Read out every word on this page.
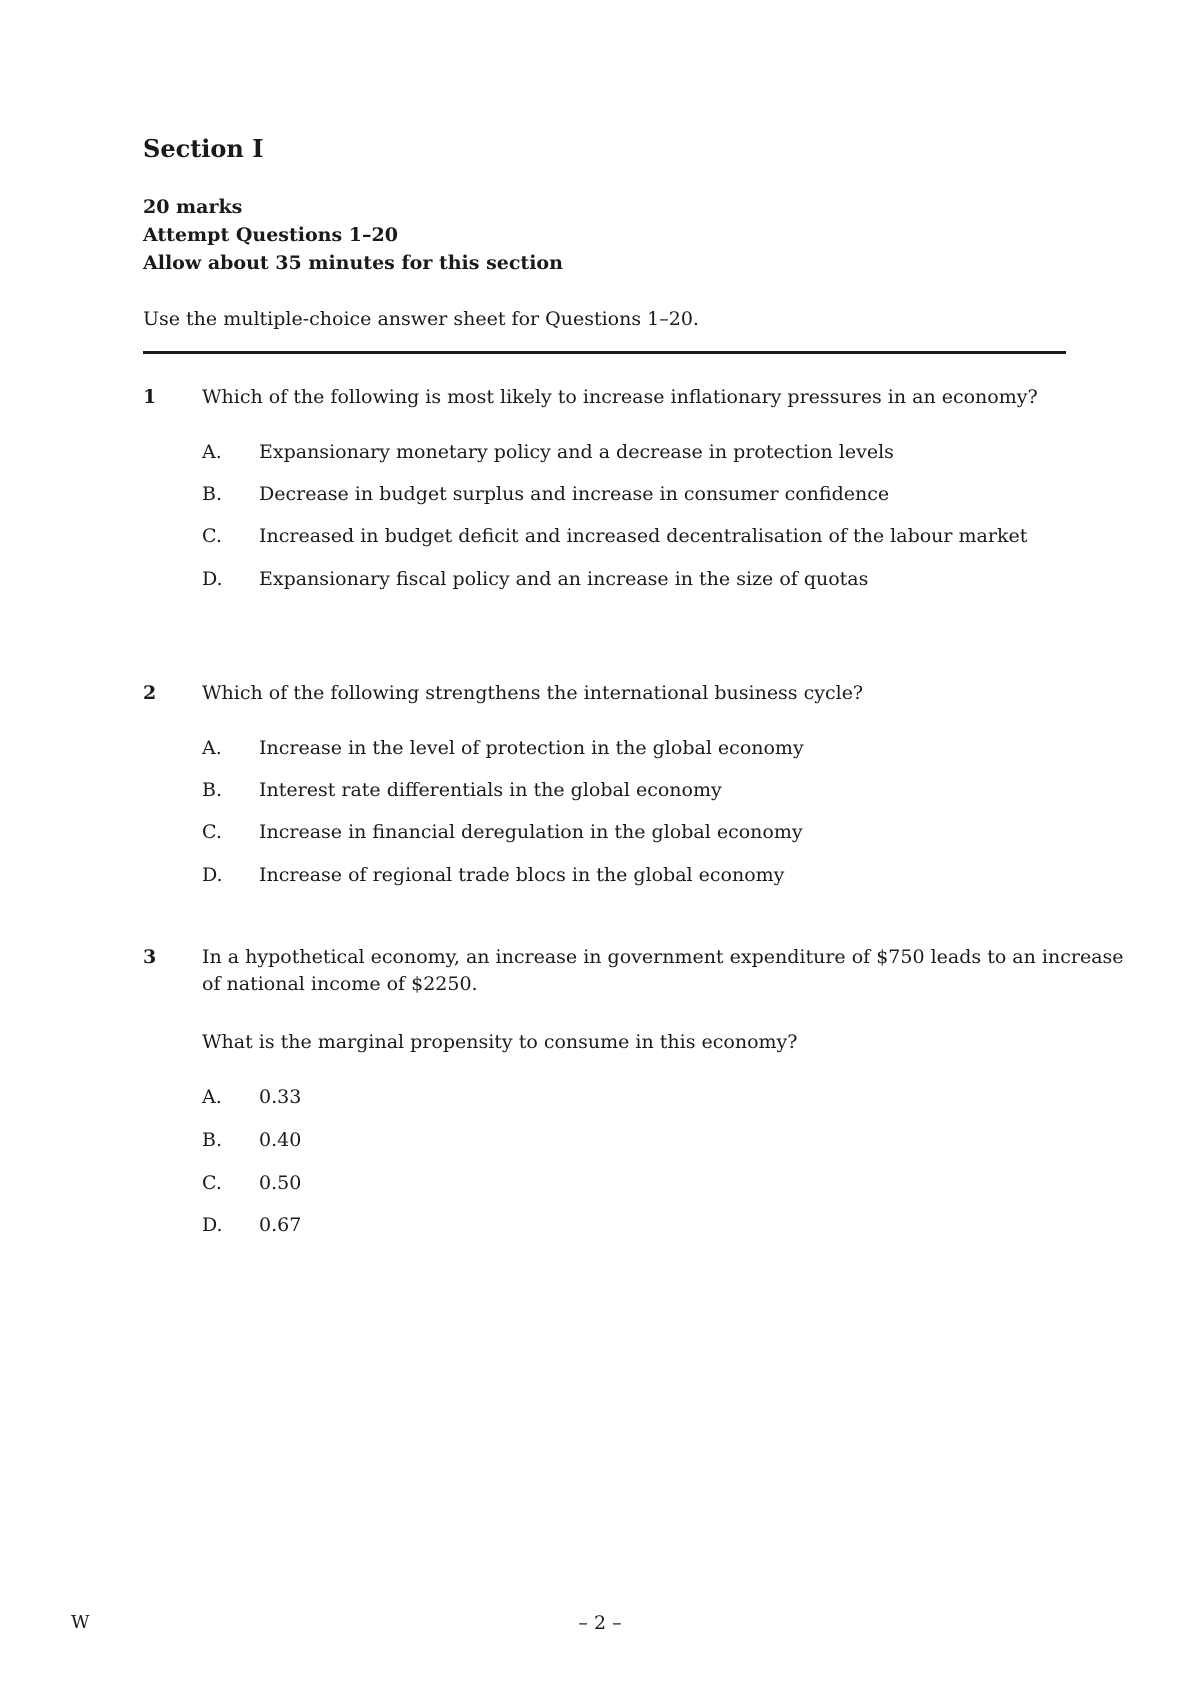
Section I

20 marks

Attempt Questions 1–20

Allow about 35 minutes for this section

Use the multiple-choice answer sheet for Questions 1–20.

1 Which of the following is most likely to increase inflationary pressures in an economy?

A. Expansionary monetary policy and a decrease in protection levels

B. Decrease in budget surplus and increase in consumer confidence

C. Increased in budget deficit and increased decentralisation of the labour market

D. Expansionary fiscal policy and an increase in the size of quotas

2 Which of the following strengthens the international business cycle?

A. Increase in the level of protection in the global economy

B. Interest rate differentials in the global economy

C. Increase in financial deregulation in the global economy

D. Increase of regional trade blocs in the global economy

3 In a hypothetical economy, an increase in government expenditure of $750 leads to an increase of national income of $2250.

What is the marginal propensity to consume in this economy?

A. 0.33

B. 0.40

C. 0.50

D. 0.67

W	– 2 –
